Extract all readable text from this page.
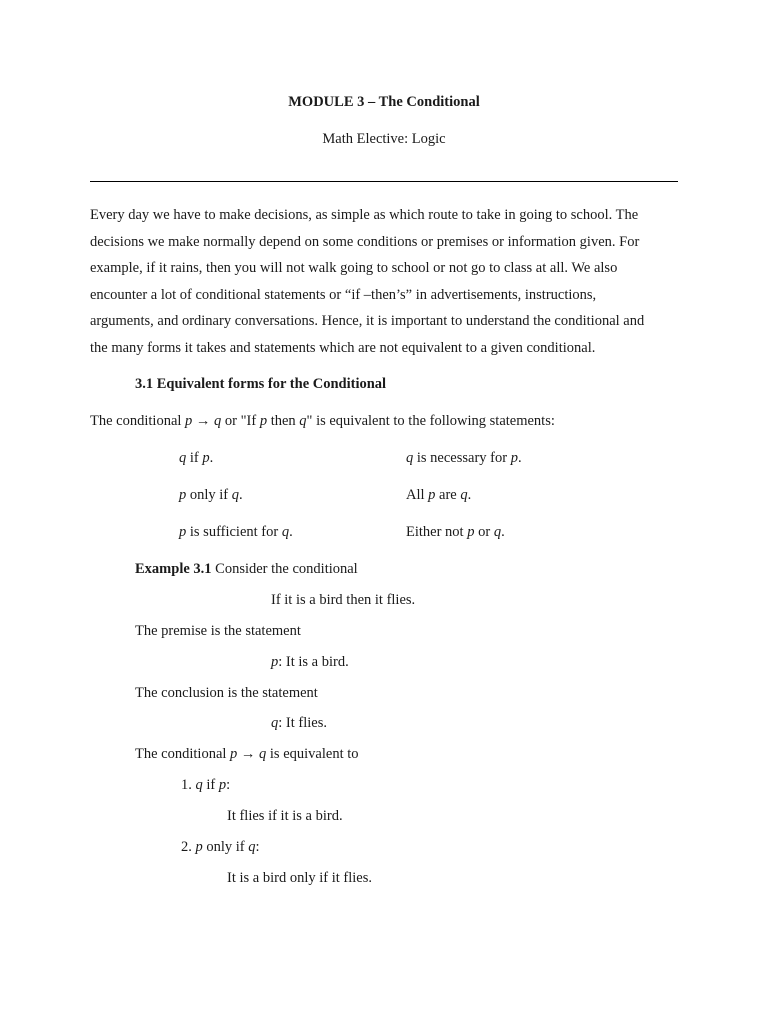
MODULE 3 – The Conditional
Math Elective: Logic

Every day we have to make decisions, as simple as which route to take in going to school. The

decisions we make normally depend on some conditions or premises or information given. For

example, if it rains, then you will not walk going to school or not go to class at all. We also

encounter a lot of conditional statements or “if –then’s” in advertisements, instructions,

arguments, and ordinary conversations. Hence, it is important to understand the conditional and

the many forms it takes and statements which are not equivalent to a given conditional.

3.1 Equivalent forms for the Conditional
The conditional p → q or "If p then q" is equivalent to the following statements:
q if p.	q is necessary for p.
p only if q.	All p are q.
p is sufficient for q.	Either not p or q.
Example 3.1 Consider the conditional
If it is a bird then it flies.
The premise is the statement
p: It is a bird.
The conclusion is the statement
q: It flies.
The conditional p → q is equivalent to
1. q if p:
It flies if it is a bird.
2. p only if q:
It is a bird only if it flies.
